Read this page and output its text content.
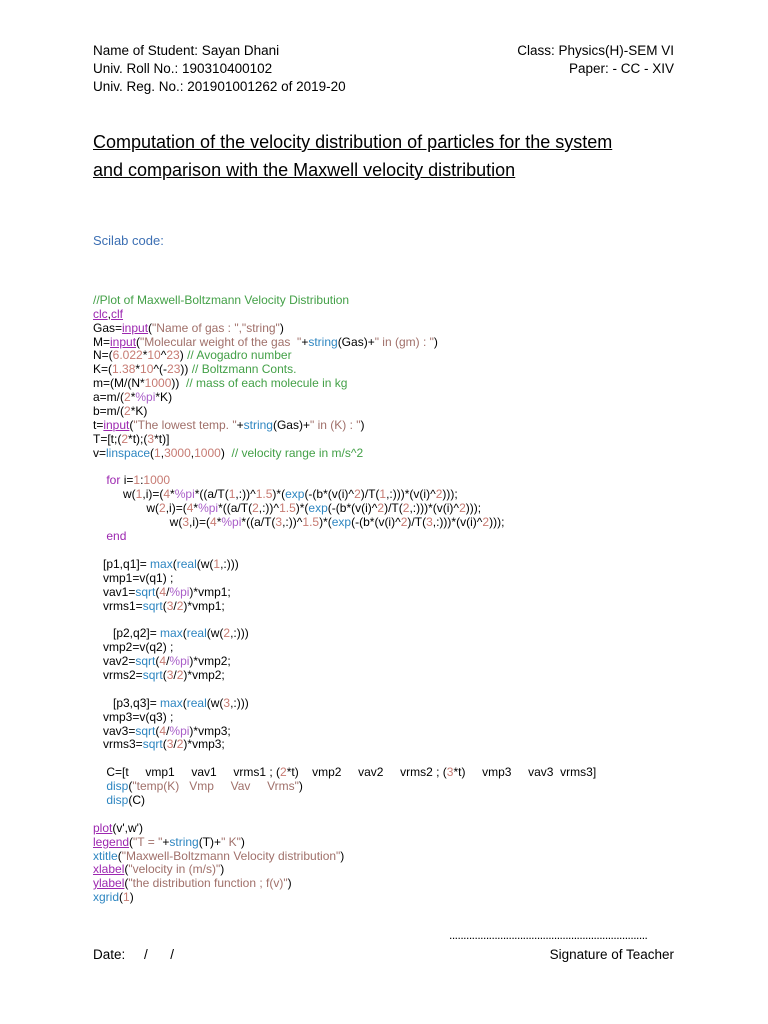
Name of Student: Sayan Dhani
Univ. Roll No.: 190310400102
Univ. Reg. No.: 201901001262 of 2019-20
Class: Physics(H)-SEM VI
Paper: - CC - XIV
Computation of the velocity distribution of particles for the system
and comparison with the Maxwell velocity distribution
Scilab code:

//Plot of Maxwell-Boltzmann Velocity Distribution
clc,clf
Gas=input("Name of gas : ","string")
M=input("Molecular weight of the gas  "+string(Gas)+" in (gm) : ")
N=(6.022*10^23) // Avogadro number
K=(1.38*10^(-23)) // Boltzmann Conts.
m=(M/(N*1000))  // mass of each molecule in kg
a=m/(2*%pi*K)
b=m/(2*K)
t=input("The lowest temp. "+string(Gas)+" in (K) : ")
T=[t;(2*t);(3*t)]
v=linspace(1,3000,1000)  // velocity range in m/s^2

for i=1:1000
w(1,i)=(4*%pi*((a/T(1,:))^1.5)*(exp(-(b*(v(i)^2)/T(1,:)))*(v(i)^2)));
w(2,i)=(4*%pi*((a/T(2,:))^1.5)*(exp(-(b*(v(i)^2)/T(2,:)))*(v(i)^2)));
w(3,i)=(4*%pi*((a/T(3,:))^1.5)*(exp(-(b*(v(i)^2)/T(3,:)))*(v(i)^2)));
end

[p1,q1]= max(real(w(1,:)))
vmp1=v(q1) ;
vav1=sqrt(4/%pi)*vmp1;
vrms1=sqrt(3/2)*vmp1;

[p2,q2]= max(real(w(2,:)))
vmp2=v(q2) ;
vav2=sqrt(4/%pi)*vmp2;
vrms2=sqrt(3/2)*vmp2;

[p3,q3]= max(real(w(3,:)))
vmp3=v(q3) ;
vav3=sqrt(4/%pi)*vmp3;
vrms3=sqrt(3/2)*vmp3;

C=[t     vmp1     vav1     vrms1 ; (2*t)    vmp2     vav2     vrms2 ; (3*t)     vmp3     vav3  vrms3]
disp("temp(K)   Vmp     Vav     Vrms")
disp(C)

plot(v',w')
legend("T = "+string(T)+" K")
xtitle("Maxwell-Boltzmann Velocity distribution")
xlabel("velocity in (m/s)")
ylabel("the distribution function ; f(v)")
xgrid(1)
......................................................................
Date:     /      /	Signature of Teacher
